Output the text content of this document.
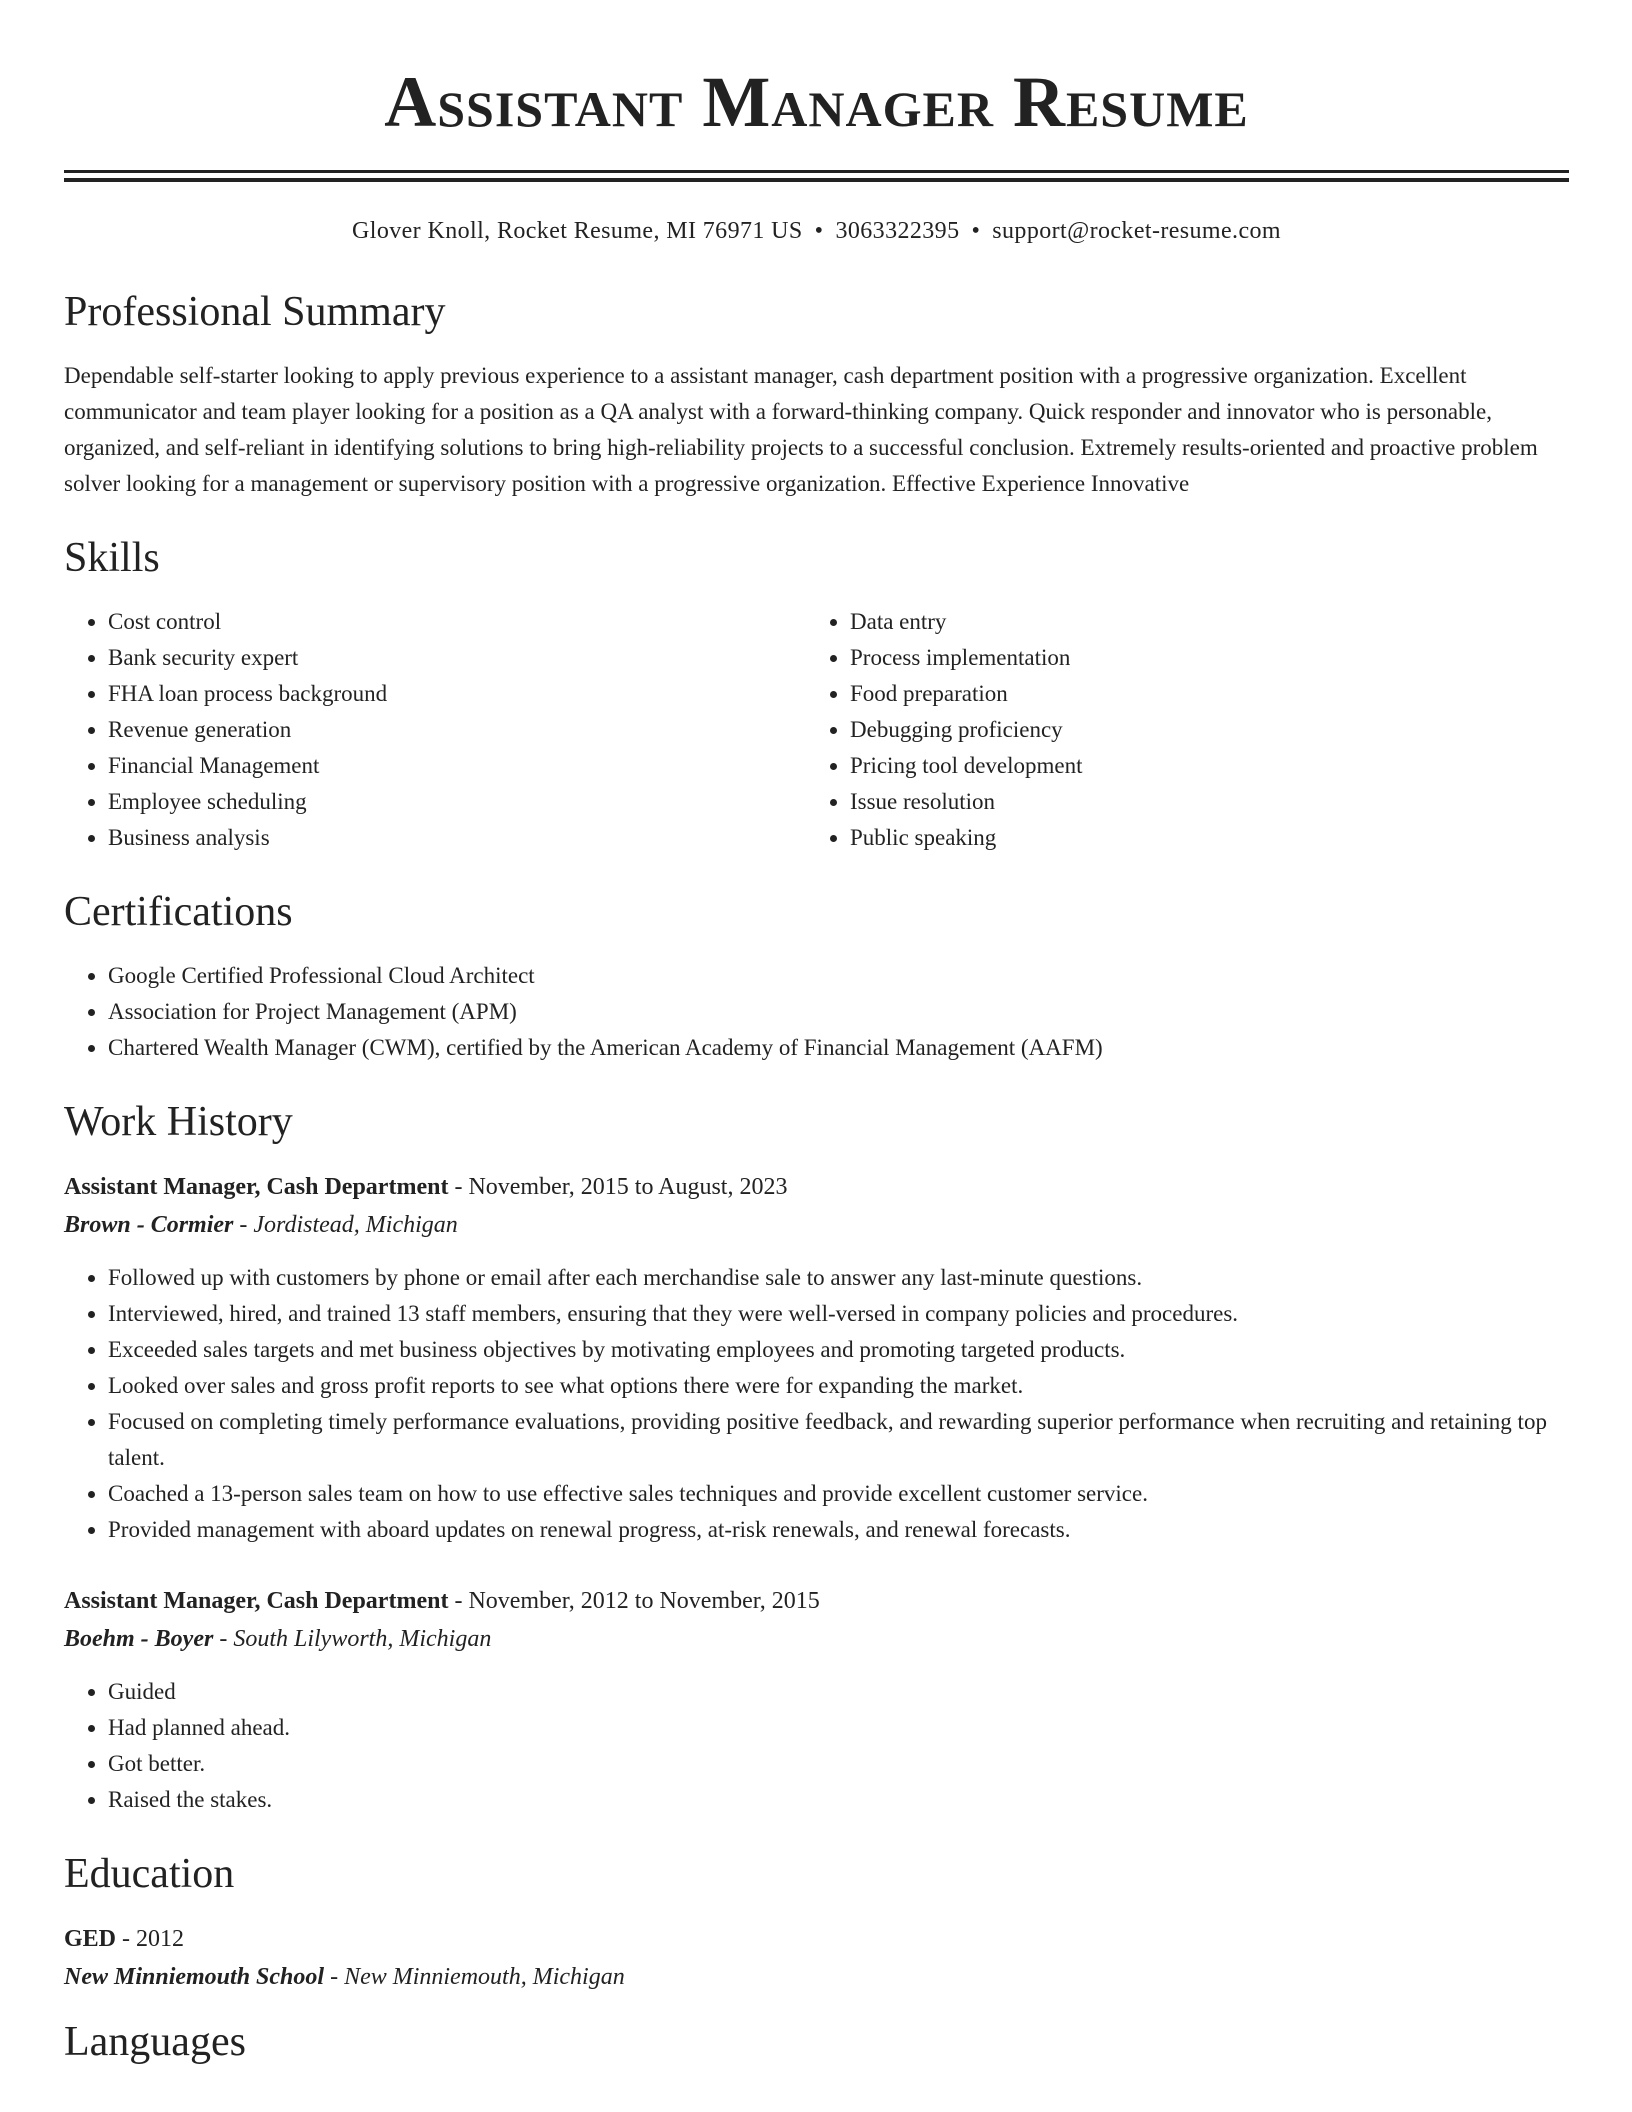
Assistant Manager Resume
Glover Knoll, Rocket Resume, MI 76971 US • 3063322395 • support@rocket-resume.com
Professional Summary

Dependable self-starter looking to apply previous experience to a assistant manager, cash department position with a progressive organization. Excellent communicator and team player looking for a position as a QA analyst with a forward-thinking company. Quick responder and innovator who is personable, organized, and self-reliant in identifying solutions to bring high-reliability projects to a successful conclusion. Extremely results-oriented and proactive problem solver looking for a management or supervisory position with a progressive organization. Effective Experience Innovative

Skills
• Cost control
• Bank security expert
• FHA loan process background
• Revenue generation
• Financial Management
• Employee scheduling
• Business analysis
• Data entry
• Process implementation
• Food preparation
• Debugging proficiency
• Pricing tool development
• Issue resolution
• Public speaking
Certifications
• Google Certified Professional Cloud Architect
• Association for Project Management (APM)
• Chartered Wealth Manager (CWM), certified by the American Academy of Financial Management (AAFM)
Work History
Assistant Manager, Cash Department - November, 2015 to August, 2023
Brown - Cormier - Jordistead, Michigan
• Followed up with customers by phone or email after each merchandise sale to answer any last-minute questions.
• Interviewed, hired, and trained 13 staff members, ensuring that they were well-versed in company policies and procedures.
• Exceeded sales targets and met business objectives by motivating employees and promoting targeted products.
• Looked over sales and gross profit reports to see what options there were for expanding the market.
• Focused on completing timely performance evaluations, providing positive feedback, and rewarding superior performance when recruiting and retaining top talent.
• Coached a 13-person sales team on how to use effective sales techniques and provide excellent customer service.
• Provided management with aboard updates on renewal progress, at-risk renewals, and renewal forecasts.
Assistant Manager, Cash Department - November, 2012 to November, 2015
Boehm - Boyer - South Lilyworth, Michigan
• Guided
• Had planned ahead.
• Got better.
• Raised the stakes.
Education
GED - 2012
New Minniemouth School - New Minniemouth, Michigan
Languages
